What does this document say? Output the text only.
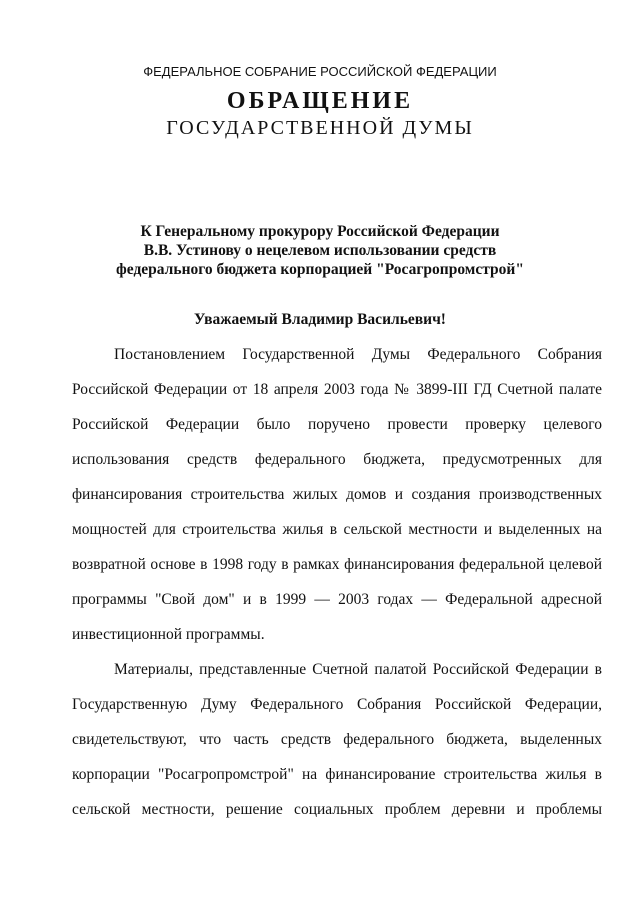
ФЕДЕРАЛЬНОЕ СОБРАНИЕ РОССИЙСКОЙ ФЕДЕРАЦИИ
ОБРАЩЕНИЕ
ГОСУДАРСТВЕННОЙ ДУМЫ
К Генеральному прокурору Российской Федерации
В.В. Устинову о нецелевом использовании средств
федерального бюджета корпорацией "Росагропромстрой"
Уважаемый Владимир Васильевич!
Постановлением Государственной Думы Федерального Собрания
Российской Федерации от 18 апреля 2003 года № 3899-III ГД Счетной палате
Российской Федерации было поручено провести проверку целевого
использования средств федерального бюджета, предусмотренных для
финансирования строительства жилых домов и создания производственных
мощностей для строительства жилья в сельской местности и выделенных на
возвратной основе в 1998 году в рамках финансирования федеральной целевой
программы "Свой дом" и в 1999 — 2003 годах — Федеральной адресной
инвестиционной программы.
Материалы, представленные Счетной палатой Российской Федерации в
Государственную Думу Федерального Собрания Российской Федерации,
свидетельствуют, что часть средств федерального бюджета, выделенных
корпорации "Росагропромстрой" на финансирование строительства жилья в
сельской местности, решение социальных проблем деревни и проблемы
